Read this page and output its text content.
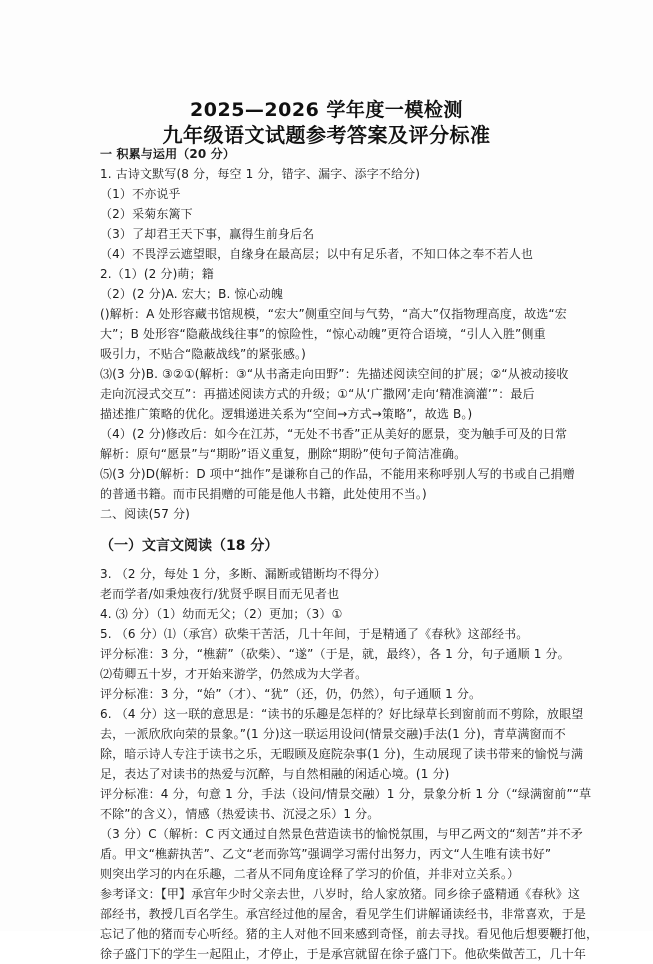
2025—2026 学年度一模检测
九年级语文试题参考答案及评分标准
一 积累与运用（20 分）
1. 古诗文默写(8 分，每空 1 分，错字、漏字、添字不给分)
（1）不亦说乎
（2）采菊东篱下
（3）了却君王天下事，赢得生前身后名
（4）不畏浮云遮望眼，自缘身在最高层；以中有足乐者，不知口体之奉不若人也
2.（1）(2 分)萌；籍
（2）(2 分)A. 宏大；B. 惊心动魄
()解析：A 处形容藏书馆规模，“宏大”侧重空间与气势，“高大”仅指物理高度，故选“宏
大”；B 处形容“隐蔽战线往事”的惊险性，“惊心动魄”更符合语境，“引人入胜”侧重
吸引力，不贴合“隐蔽战线”的紧张感。)
⑶(3 分)B. ③②①(解析：③“从书斋走向田野”：先描述阅读空间的扩展；②“从被动接收
走向沉浸式交互”：再描述阅读方式的升级；①“从‘广撒网’走向‘精准滴灌’”：最后
描述推广策略的优化。逻辑递进关系为“空间→方式→策略”，故选 B。)
（4）(2 分)修改后：如今在江苏，“无处不书香”正从美好的愿景，变为触手可及的日常
解析：原句“愿景”与“期盼”语义重复，删除“期盼”使句子简洁准确。
⑸(3 分)D(解析：D 项中“拙作”是谦称自己的作品，不能用来称呼别人写的书或自己捐赠
的普通书籍。而市民捐赠的可能是他人书籍，此处使用不当。)
二、阅读(57 分)
（一）文言文阅读（18 分）
3. （2 分，每处 1 分，多断、漏断或错断均不得分）
老而学者/如秉烛夜行/犹贤乎暝目而无见者也
4. ⑶ 分）（1）幼而无父；（2）更加；（3）①
5. （6 分）⑴（承宫）砍柴干苦活，几十年间，于是精通了《春秋》这部经书。
评分标准：3 分，“樵薪”（砍柴）、“遂”（于是，就，最终），各 1 分，句子通顺 1 分。
⑵荀卿五十岁，才开始来游学，仍然成为大学者。
评分标准：3 分，“始”（才）、“犹”（还，仍，仍然），句子通顺 1 分。
6. （4 分）这一联的意思是：“读书的乐趣是怎样的？好比绿草长到窗前而不剪除，放眼望
去，一派欣欣向荣的景象。”(1 分)这一联运用设问(情景交融)手法(1 分)，青草满窗而不
除，暗示诗人专注于读书之乐，无暇顾及庭院杂事(1 分)，生动展现了读书带来的愉悦与满
足，表达了对读书的热爱与沉醉，与自然相融的闲适心境。(1 分)
评分标准：4 分，句意 1 分，手法（设问/情景交融）1 分，景象分析 1 分（“绿满窗前”“草
不除”的含义），情感（热爱读书、沉浸之乐）1 分。
（3 分）C（解析：C 丙文通过自然景色营造读书的愉悦氛围，与甲乙两文的“刻苦”并不矛
盾。甲文“樵薪执苦”、乙文“老而弥笃”强调学习需付出努力，丙文“人生唯有读书好”
则突出学习的内在乐趣，二者从不同角度诠释了学习的价值，并非对立关系。）
参考译文：【甲】承宫年少时父亲去世，八岁时，给人家放猪。同乡徐子盛精通《春秋》这
部经书，教授几百名学生。承宫经过他的屋舍，看见学生们讲解诵读经书，非常喜欢，于是
忘记了他的猪而专心听经。猪的主人对他不回来感到奇怪，前去寻找。看见他后想要鞭打他，
徐子盛门下的学生一起阻止，才停止，于是承宫就留在徐子盛门下。他砍柴做苦工，几十年
